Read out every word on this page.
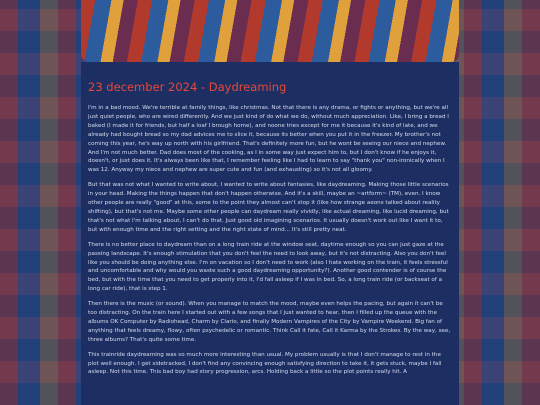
23 december 2024 - Daydreaming

I'm in a bad mood. We're terrible at family things, like christmas. Not that there is any drama, or fights or anything, but we're all just quiet people, who are wired differently. And we just kind of do what we do, without much appreciation. Like, I bring a bread I baked (I made it for friends, but half a loaf I brough home), and noone tries except for me it because it's kind of late, and we already had bought bread so my dad advices me to slice it, because its better when you put it in the freezer. My brother's not coming this year, he's way up north with his girlfriend. That's definitely more fun, but he wont be seeing our niece and nephew. And I'm not much better. Dad does most of the cooking, as I in some way just expect him to, but I don't know if he enjoys it, doesn't, or just does it. It's always been like that, I remember feeling like I had to learn to say "thank you" non-ironically when I was 12. Anyway my niece and nephew are super cute and fun (and exhausting) so it's not all gloomy.

But that was not what I wanted to write about, I wanted to write about fantasies, like daydreaming. Making those little scenarios in your head. Making the things happen that don't happen otherwise. And it's a skill, maybe an ~artform~ (TM), even. I know other people are really "good" at this, some to the point they almost can't stop it (like how strange aeons talked about reality shifting), but that's not me. Maybe some other people can daydream really vividly, like actual dreaming, like lucid dreaming, but that's not what I'm talking about, I can't do that. Just good old imagining scenarios. It usually doesn't work out like I want it to, but with enough time and the right setting and the right state of mind... It's still pretty neat.

There is no better place to daydream than on a long train ride at the window seat, daytime enough so you can just gaze at the passing landscape. It's enough stimulation that you don't feel the need to look away, but it's not distracting. Also you don't feel like you should be doing anything else. I'm on vacation so I don't need to work (also I hate working on the train, it feels stressful and uncomfortable and why would you waste such a good daydreaming opportunity?). Another good contender is of course the bed, but with the time that you need to get properly into it, I'd fall asleep if I was in bed. So, a long train ride (or backseat of a long car ride), that is step 1.

Then there is the music (or sound). When you manage to match the mood, maybe even helps the pacing, but again it can't be too distracting. On the train here I started out with a few songs that I just wanted to hear, then I filled up the queue with the albums OK Computer by Radiohead, Charm by Clario, and finally Modern Vampires of the City by Vampire Weekend. Big fan of anything that feels dreamy, flowy, often psychedelic or romantic. Think Call it fate, Call it Karma by the Strokes. By the way, see, three albums? That's quite some time.

This trainride daydreaming was so much more interesting than usual. My problem usually is that I don't manage to rest in the plot well enough. I get sidetracked, I don't find any convincing enough satisfying direction to take it, it gets stuck, maybe I fall asleep. Not this time. This bad boy had story progression, arcs. Holding back a little so the plot points really hit. A
